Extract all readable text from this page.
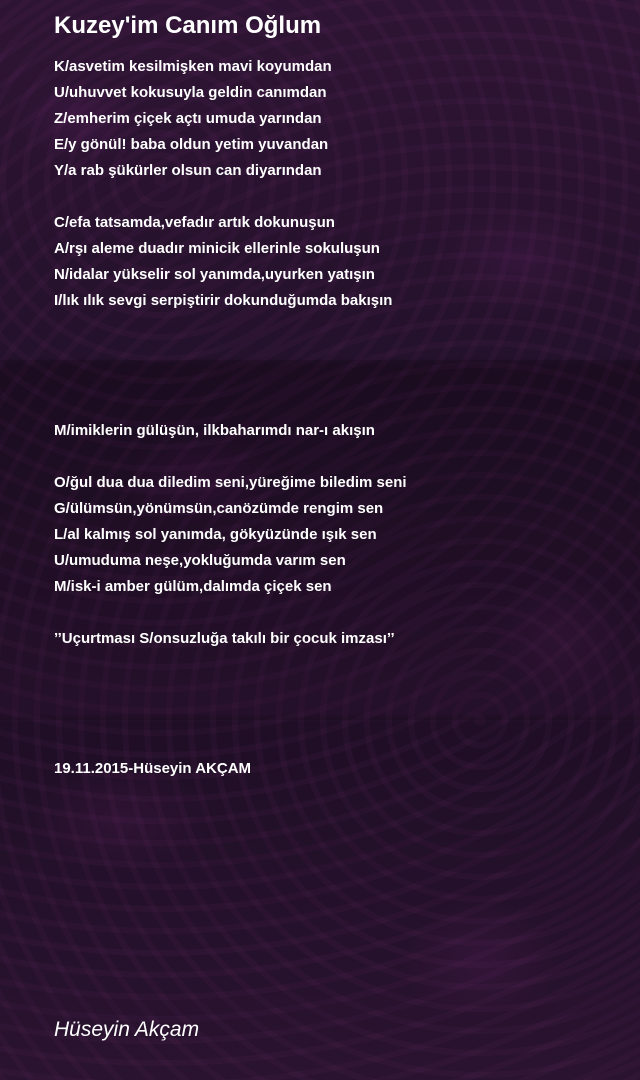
Kuzey'im Canım Oğlum
K/asvetim kesilmişken mavi koyumdan
U/uhuvvet kokusuyla geldin canımdan
Z/emherim çiçek açtı umuda yarından
E/y gönül! baba oldun yetim yuvandan
Y/a rab şükürler olsun can diyarından
C/efa tatsamda,vefadır artık dokunuşun
A/rşı aleme duadır minicik ellerinle sokuluşun
N/idalar yükselir sol yanımda,uyurken yatışın
I/lık ılık sevgi serpiştirir dokunduğumda bakışın
M/imiklerin gülüşün, ilkbaharımdı nar-ı akışın
O/ğul dua dua diledim seni,yüreğime biledim seni
G/ülümsün,yönümsün,canözümde rengim sen
L/al kalmış sol yanımda, gökyüzünde ışık sen
U/umuduma neşe,yokluğumda varım sen
M/isk-i amber gülüm,dalımda çiçek sen
’’Uçurtması S/onsuzluğa takılı bir çocuk imzası’’
19.11.2015-Hüseyin AKÇAM
Hüseyin Akçam
